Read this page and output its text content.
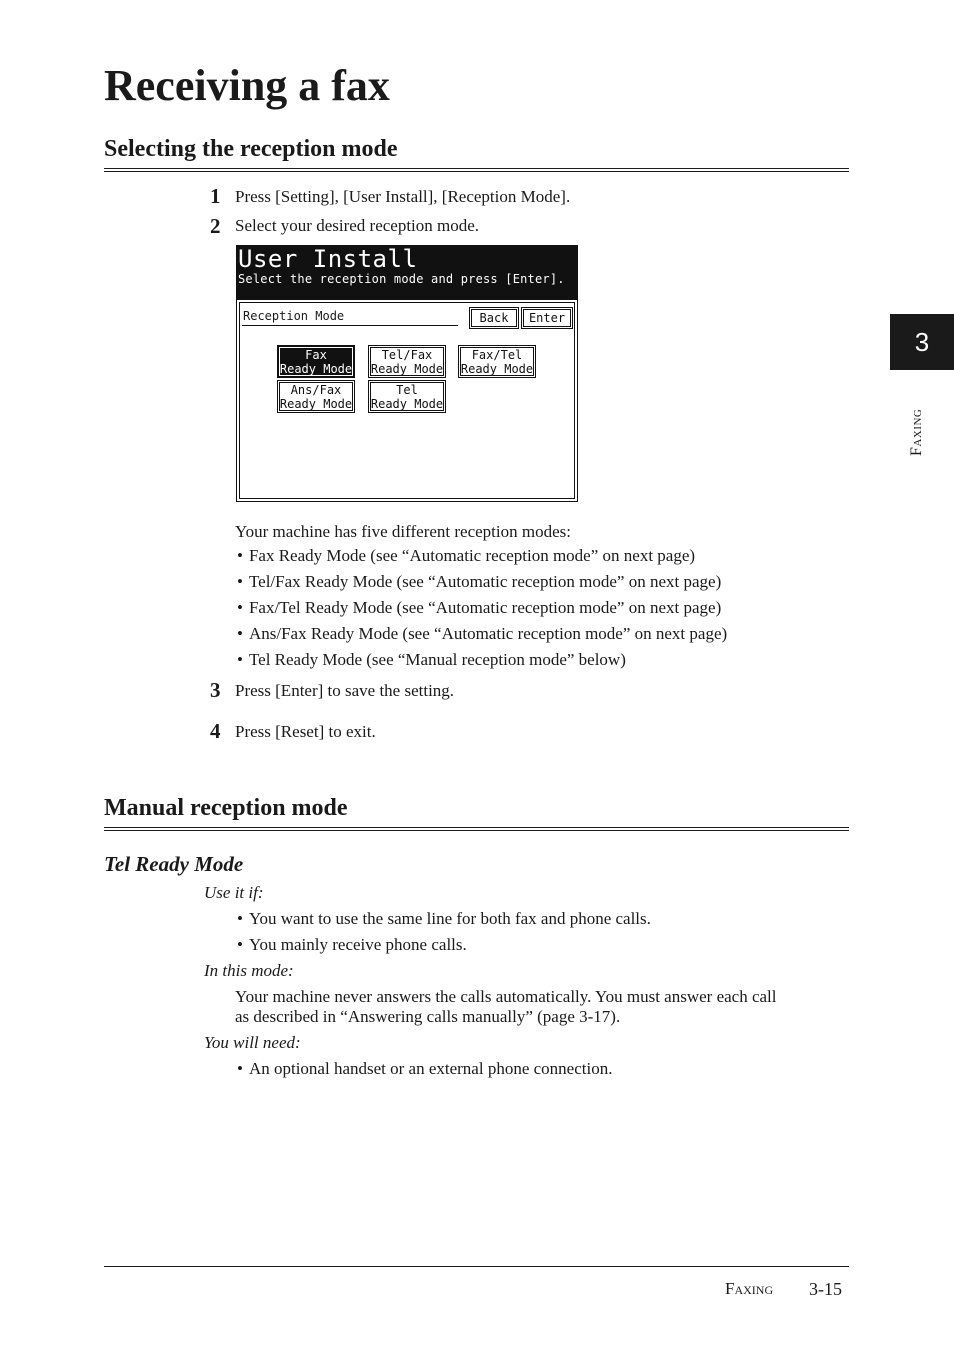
Receiving a fax
Selecting the reception mode
1 Press [Setting], [User Install], [Reception Mode].
2 Select your desired reception mode.
User Install
Select the reception mode and press [Enter].
Reception Mode	Back	Enter
Fax
Ready Mode
Tel/Fax
Ready Mode
Fax/Tel
Ready Mode
Ans/Fax
Ready Mode
Tel
Ready Mode
Your machine has five different reception modes:
• Fax Ready Mode (see “Automatic reception mode” on next page)
• Tel/Fax Ready Mode (see “Automatic reception mode” on next page)
• Fax/Tel Ready Mode (see “Automatic reception mode” on next page)
• Ans/Fax Ready Mode (see “Automatic reception mode” on next page)
• Tel Ready Mode (see “Manual reception mode” below)
3 Press [Enter] to save the setting.
4 Press [Reset] to exit.
Manual reception mode
Tel Ready Mode
Use it if:
• You want to use the same line for both fax and phone calls.
• You mainly receive phone calls.
In this mode:
Your machine never answers the calls automatically. You must answer each call
as described in “Answering calls manually” (page 3-17).
You will need:
• An optional handset or an external phone connection.
3
Faxing
Faxing 3-15
